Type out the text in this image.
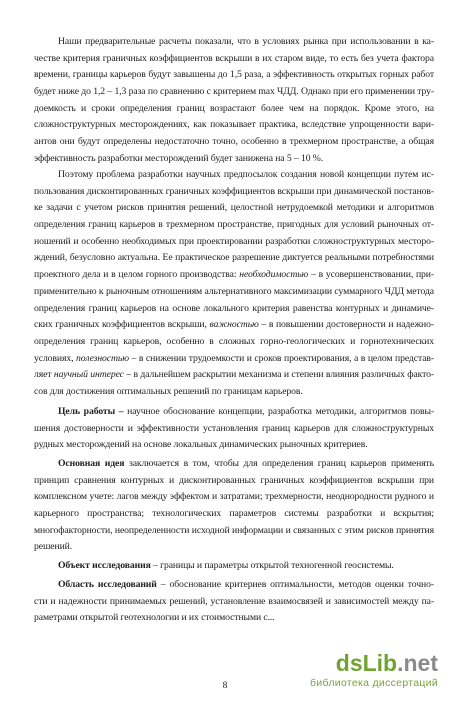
Наши предварительные расчеты показали, что в условиях рынка при использовании в ка-
честве критерия граничных коэффициентов вскрыши в их старом виде, то есть без учета фактора
времени, границы карьеров будут завышены до 1,5 раза, а эффективность открытых горных работ
будет ниже до 1,2 – 1,3 раза по сравнению с критерием max ЧДД. Однако при его применении тру-
доемкость и сроки определения границ возрастают более чем на порядок. Кроме этого, на
сложноструктурных месторождениях, как показывает практика, вследствие упрощенности вари-
антов они будут определены недостаточно точно, особенно в трехмерном пространстве, а общая
эффективность разработки месторождений будет занижена на 5 – 10 %.
Поэтому проблема разработки научных предпосылок создания новой концепции путем ис-
пользования дисконтированных граничных коэффициентов вскрыши при динамической постанов-
ке задачи с учетом рисков принятия решений, целостной нетрудоемкой методики и алгоритмов
определения границ карьеров в трехмерном пространстве, пригодных для условий рыночных от-
ношений и особенно необходимых при проектировании разработки сложноструктурных месторо-
ждений, безусловно актуальна. Ее практическое разрешение диктуется реальными потребностями
проектного дела и в целом горного производства: необходимостью – в усовершенствовании, при-
применительно к рыночным отношениям альтернативного максимизации суммарного ЧДД метода
определения границ карьеров на основе локального критерия равенства контурных и динамиче-
ских граничных коэффициентов вскрыши, важностью – в повышении достоверности и надежно-
определения границ карьеров, особенно в сложных горно-геологических и горнотехнических
условиях, полезностью – в снижении трудоемкости и сроков проектирования, а в целом представ-
ляет научный интерес – в дальнейшем раскрытии механизма и степени влияния различных факто-
сов для достижения оптимальных решений по границам карьеров.
Цель работы – научное обоснование концепции, разработка методики, алгоритмов повы-
шения достоверности и эффективности установления границ карьеров для сложноструктурных
рудных месторождений на основе локальных динамических рыночных критериев.
Основная идея заключается в том, чтобы для определения границ карьеров применять
принцип сравнения контурных и дисконтированных граничных коэффициентов вскрыши при
комплексном учете: лагов между эффектом и затратами; трехмерности, неоднородности рудного и
карьерного пространства; технологических параметров системы разработки и вскрытия;
многофакторности, неопределенности исходной информации и связанных с этим рисков принятия
решений.
Объект исследования – границы и параметры открытой техногенной геосистемы.
Область исследований – обоснование критериев оптимальности, методов оценки точно-
сти и надежности принимаемых решений, установление взаимосвязей и зависимостей между па-
раметрами открытой геотехнологии и их стоимостными с...
8
dsLib.net
библиотека диссертаций
